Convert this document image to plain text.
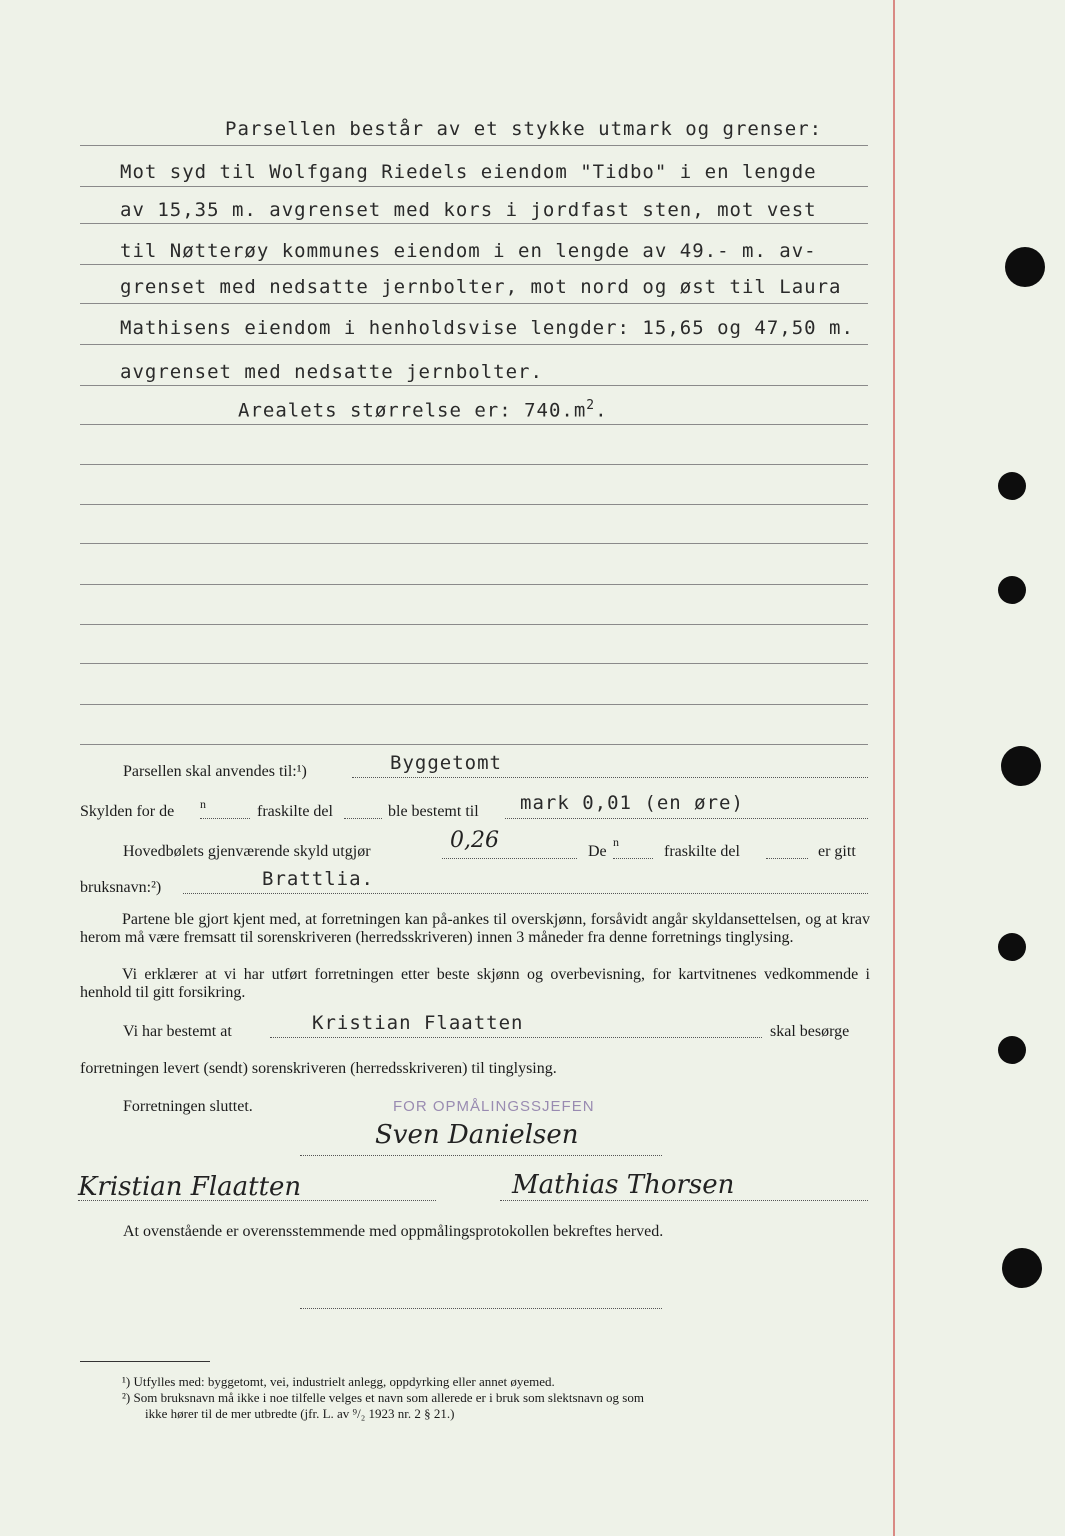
Parsellen består av et stykke utmark og grenser:
Mot syd til Wolfgang Riedels eiendom "Tidbo" i en lengde
av 15,35 m. avgrenset med kors i jordfast sten, mot vest
til Nøtterøy kommunes eiendom i en lengde av 49.- m. av-
grenset med nedsatte jernbolter, mot nord og øst til Laura
Mathisens eiendom i henholdsvise lengder: 15,65 og 47,50 m.
avgrenset med nedsatte jernbolter.
Arealets størrelse er: $740.m^2$.
Parsellen skal anvendes til:¹)	Byggetomt
Skylden for de n	fraskilte del	ble bestemt til mark 0,01 (en øre)
Hovedbølets gjenværende skyld utgjør	0,26	De
n
fraskilte del	er gitt
bruksnavn:²)	Brattlia.
Partene ble gjort kjent med, at forretningen kan på-ankes til overskjønn, forsåvidt angår skyldansettelsen, og at krav herom må være fremsatt til sorenskriveren (herredsskriveren) innen 3 måneder fra denne forretnings tinglysing.
Vi erklærer at vi har utført forretningen etter beste skjønn og overbevisning, for kartvitnenes vedkommende i henhold til gitt forsikring.
Vi har bestemt at	Kristian Flaatten	skal besørge
forretningen levert (sendt) sorenskriveren (herredsskriveren) til tinglysing.
Forretningen sluttet.	FOR OPMÅLINGSSJEFEN
Sven Danielsen
Kristian Flaatten	Mathias Thorsen
At ovenstående er overensstemmende med oppmålingsprotokollen bekreftes herved.
¹) Utfylles med: byggetomt, vei, industrielt anlegg, oppdyrking eller annet øyemed.
²) Som bruksnavn må ikke i noe tilfelle velges et navn som allerede er i bruk som slektsnavn og som
ikke hører til de mer utbredte (jfr. L. av ⁹/₂ 1923 nr. 2 § 21.)
